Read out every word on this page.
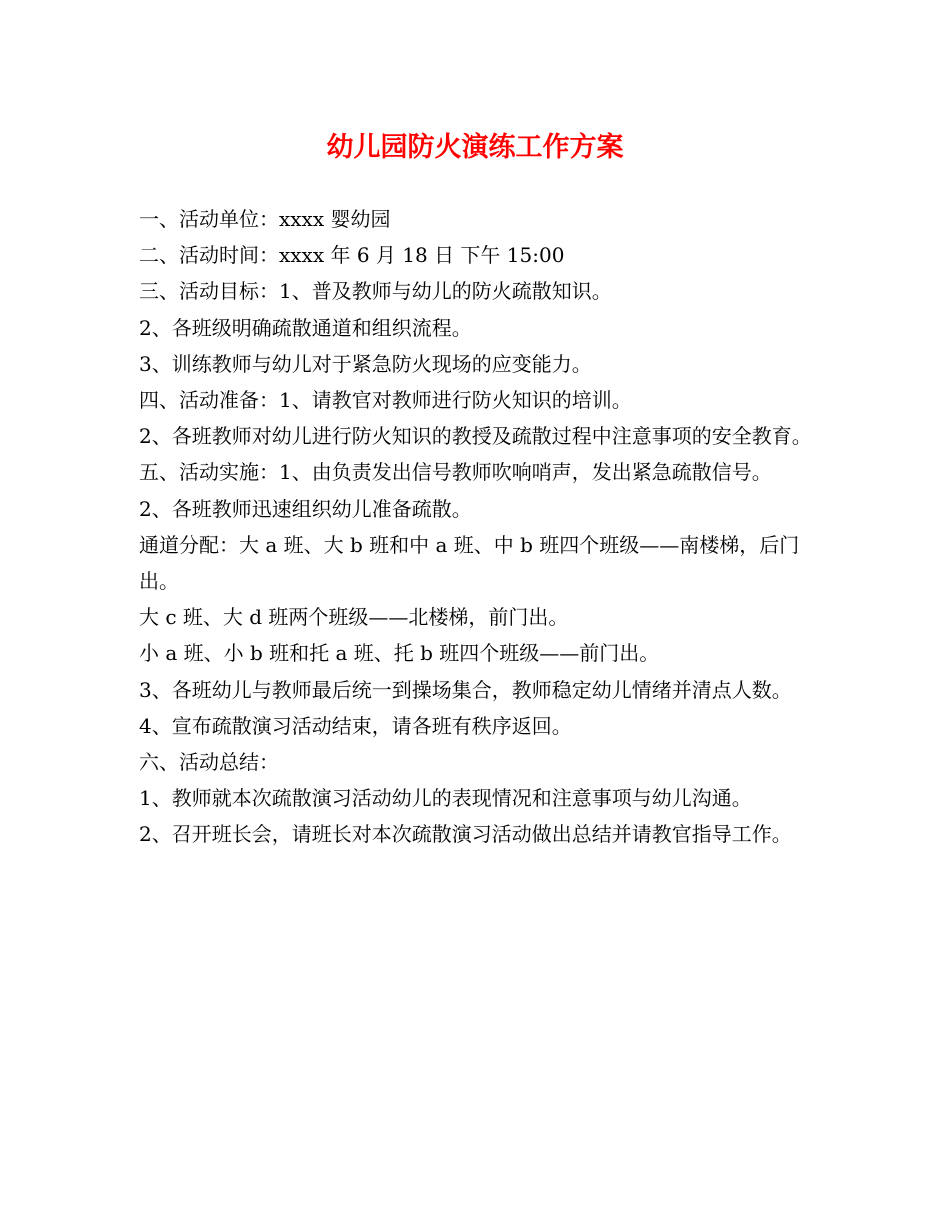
幼儿园防火演练工作方案

一、活动单位：xxxx 婴幼园

二、活动时间：xxxx 年 6 月 18 日 下午 15:00

三、活动目标：1、普及教师与幼儿的防火疏散知识。

2、各班级明确疏散通道和组织流程。

3、训练教师与幼儿对于紧急防火现场的应变能力。

四、活动准备：1、请教官对教师进行防火知识的培训。

2、各班教师对幼儿进行防火知识的教授及疏散过程中注意事项的安全教育。

五、活动实施：1、由负责发出信号教师吹响哨声，发出紧急疏散信号。

2、各班教师迅速组织幼儿准备疏散。

通道分配：大 a 班、大 b 班和中 a 班、中 b 班四个班级——南楼梯，后门出。

大 c 班、大 d 班两个班级——北楼梯，前门出。

小 a 班、小 b 班和托 a 班、托 b 班四个班级——前门出。

3、各班幼儿与教师最后统一到操场集合，教师稳定幼儿情绪并清点人数。

4、宣布疏散演习活动结束，请各班有秩序返回。

六、活动总结：

1、教师就本次疏散演习活动幼儿的表现情况和注意事项与幼儿沟通。

2、召开班长会，请班长对本次疏散演习活动做出总结并请教官指导工作。
